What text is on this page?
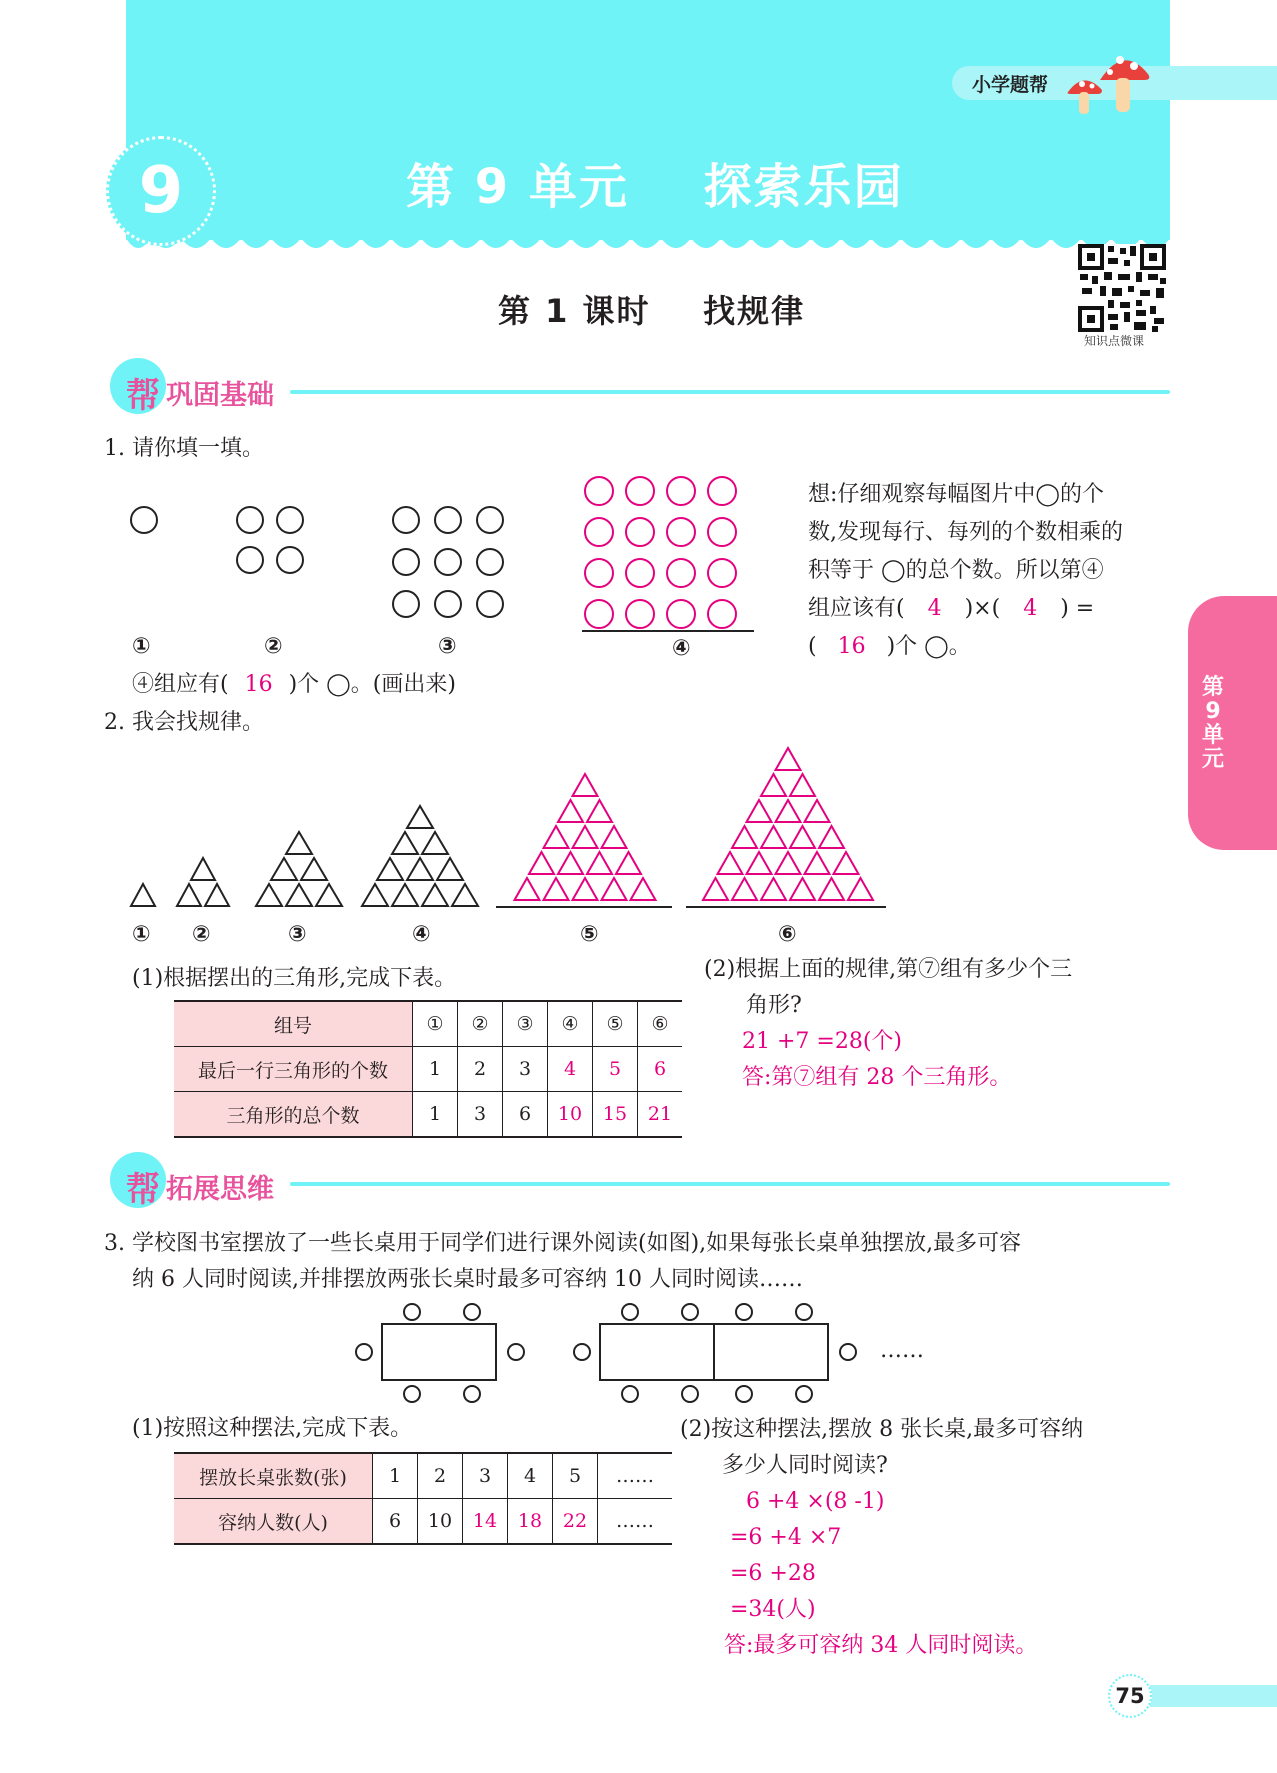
小学题帮
9	第 9 单元    探索乐园
第 1 课时    找规律
知识点微课
帮 巩固基础
1. 请你填一填。
①	②	③	④
④组应有( 16 )个 ◯。(画出来)
想:仔细观察每幅图片中◯的个
数,发现每行、每列的个数相乘的
积等于 ◯的总个数。所以第④
组应该有( 4 )×( 4 ) =
( 16 )个 ◯。
第9单元
2. 我会找规律。
① ②	③	④	⑤	⑥
(1)根据摆出的三角形,完成下表。
组号	①	②	③	④	⑤	⑥
最后一行三角形的个数	1	2	3	4	5	6
三角形的总个数	1	3	6	10	15	21
(2)根据上面的规律,第⑦组有多少个三
角形?
21 +7 =28(个)
答:第⑦组有 28 个三角形。
帮 拓展思维
3. 学校图书室摆放了一些长桌用于同学们进行课外阅读(如图),如果每张长桌单独摆放,最多可容
纳 6 人同时阅读,并排摆放两张长桌时最多可容纳 10 人同时阅读……
……
(1)按照这种摆法,完成下表。
摆放长桌张数(张)	1	2	3	4	5	……
容纳人数(人)	6	10	14	18	22	……
(2)按这种摆法,摆放 8 张长桌,最多可容纳
多少人同时阅读?
6 +4 ×(8 -1)
=6 +4 ×7
=6 +28
=34(人)
答:最多可容纳 34 人同时阅读。
75
